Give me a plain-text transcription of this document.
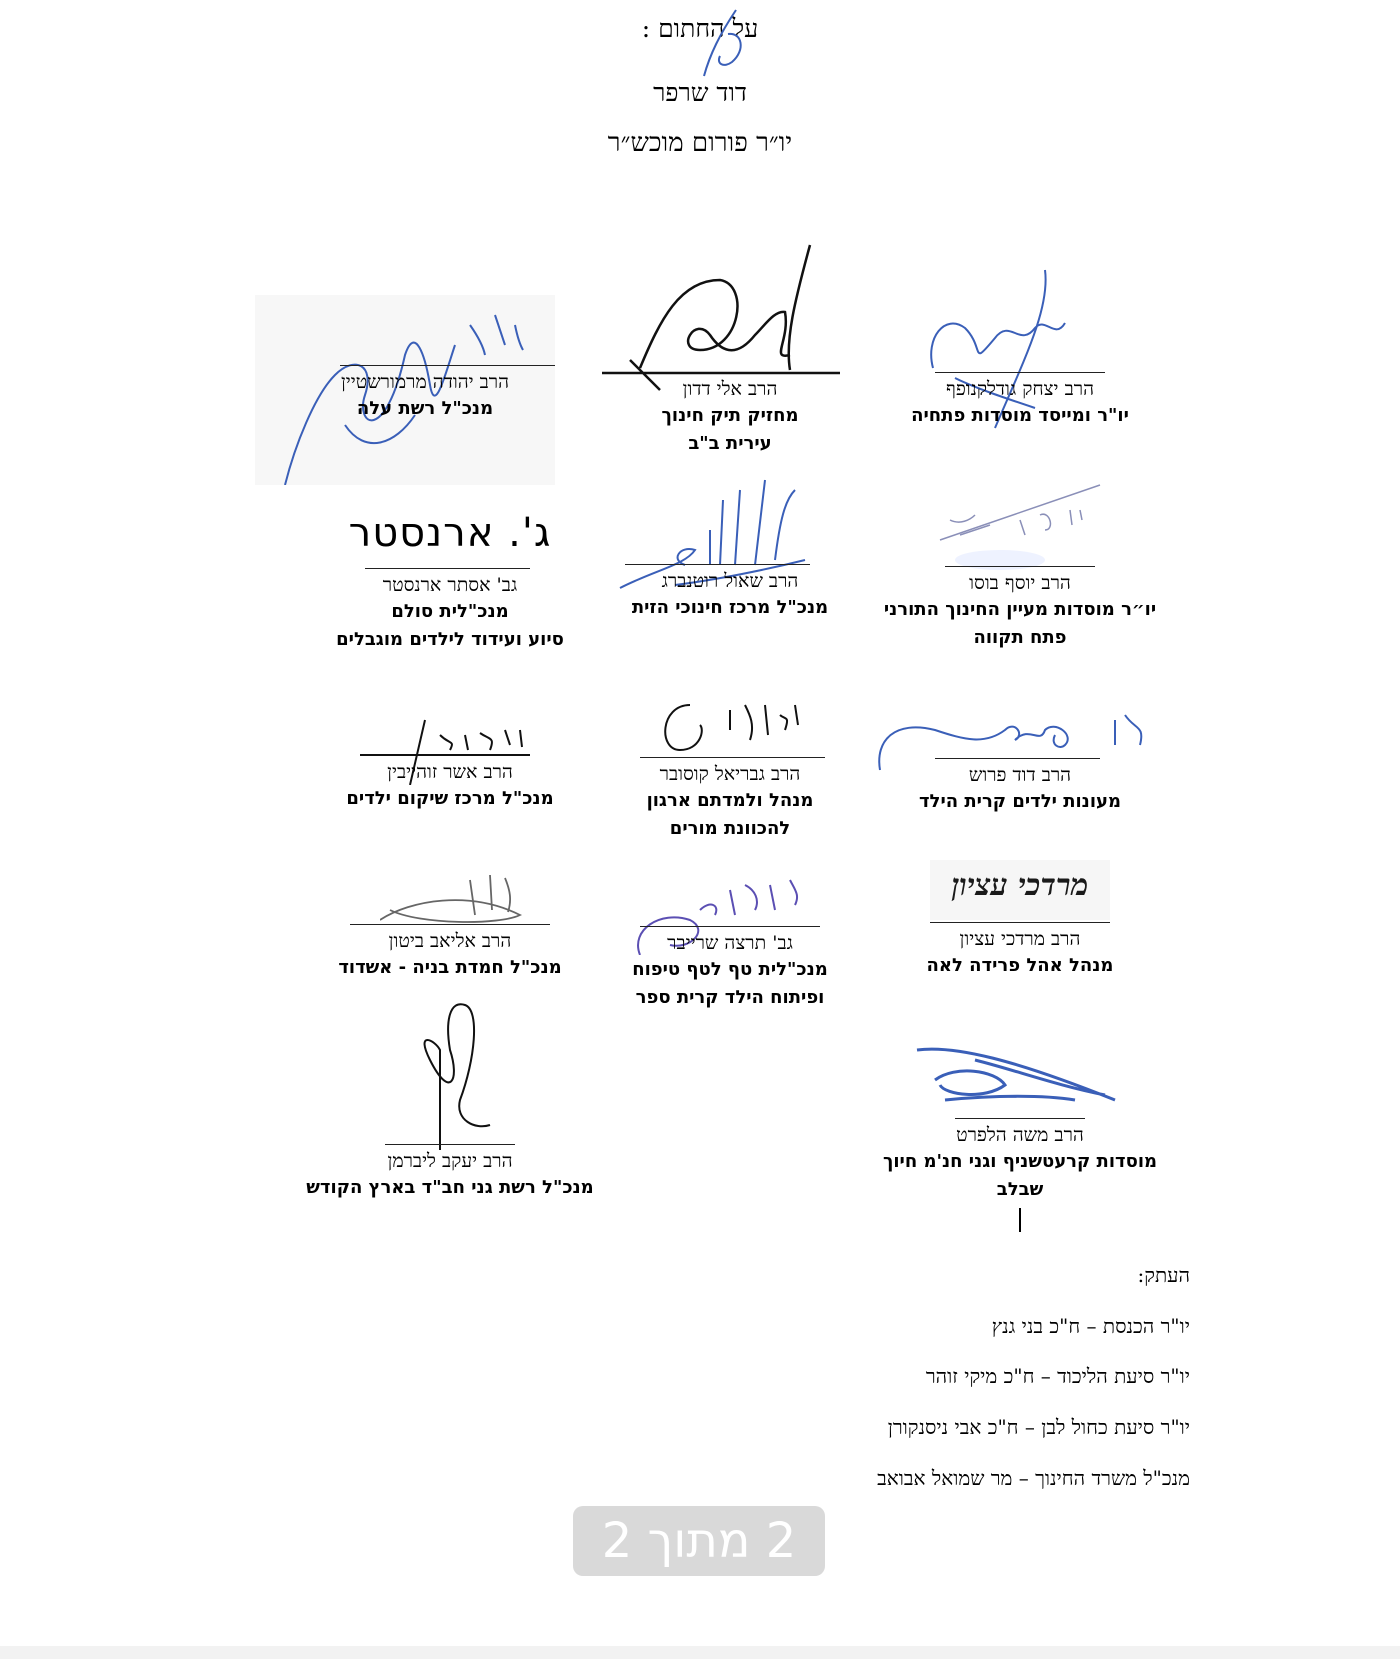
על החתום :
דוד שרפר
יו״ר פורום מוכש״ר
הרב יצחק גודלקנופף
יו"ר ומייסד מוסדות פתחיה
הרב אלי דדון
מחזיק תיק חינוך
עירית ב"ב
הרב יהודה מרמורשטיין
מנכ"ל רשת עלה
הרב יוסף בוסו
יו״ר מוסדות מעיין החינוך התורני
פתח תקווה
הרב שאול רוטנברג
מנכ"ל מרכז חינוכי הזית
ג'. ארנסטר
גב' אסתר ארנסטר
מנכ"לית סולם
סיוע ועידוד לילדים מוגבלים
הרב דוד פרוש
מעונות ילדים קרית הילד
הרב גבריאל קוסובר
מנהל ולמדתם ארגון
להכוונת מורים
הרב אשר זוהייבין
מנכ"ל מרכז שיקום ילדים
מרדכי עציון
הרב מרדכי עציון
מנהל אהל פרידה לאה
גב' תרצה שרייבר
מנכ"לית טף לטף טיפוח
ופיתוח הילד קרית ספר
הרב אליאב ביטון
מנכ"ל חמדת בניה - אשדוד
הרב משה הלפרט
מוסדות קרעטשניף וגני חנ'מ חיוך
שבלב
הרב יעקב ליברמן
מנכ"ל רשת גני חב"ד בארץ הקודש
העתק:
יו"ר הכנסת – ח"כ בני גנץ
יו"ר סיעת הליכוד – ח"כ מיקי זוהר
יו"ר סיעת כחול לבן – ח"כ אבי ניסנקורן
מנכ"ל משרד החינוך – מר שמואל אבואב
2 מתוך 2
